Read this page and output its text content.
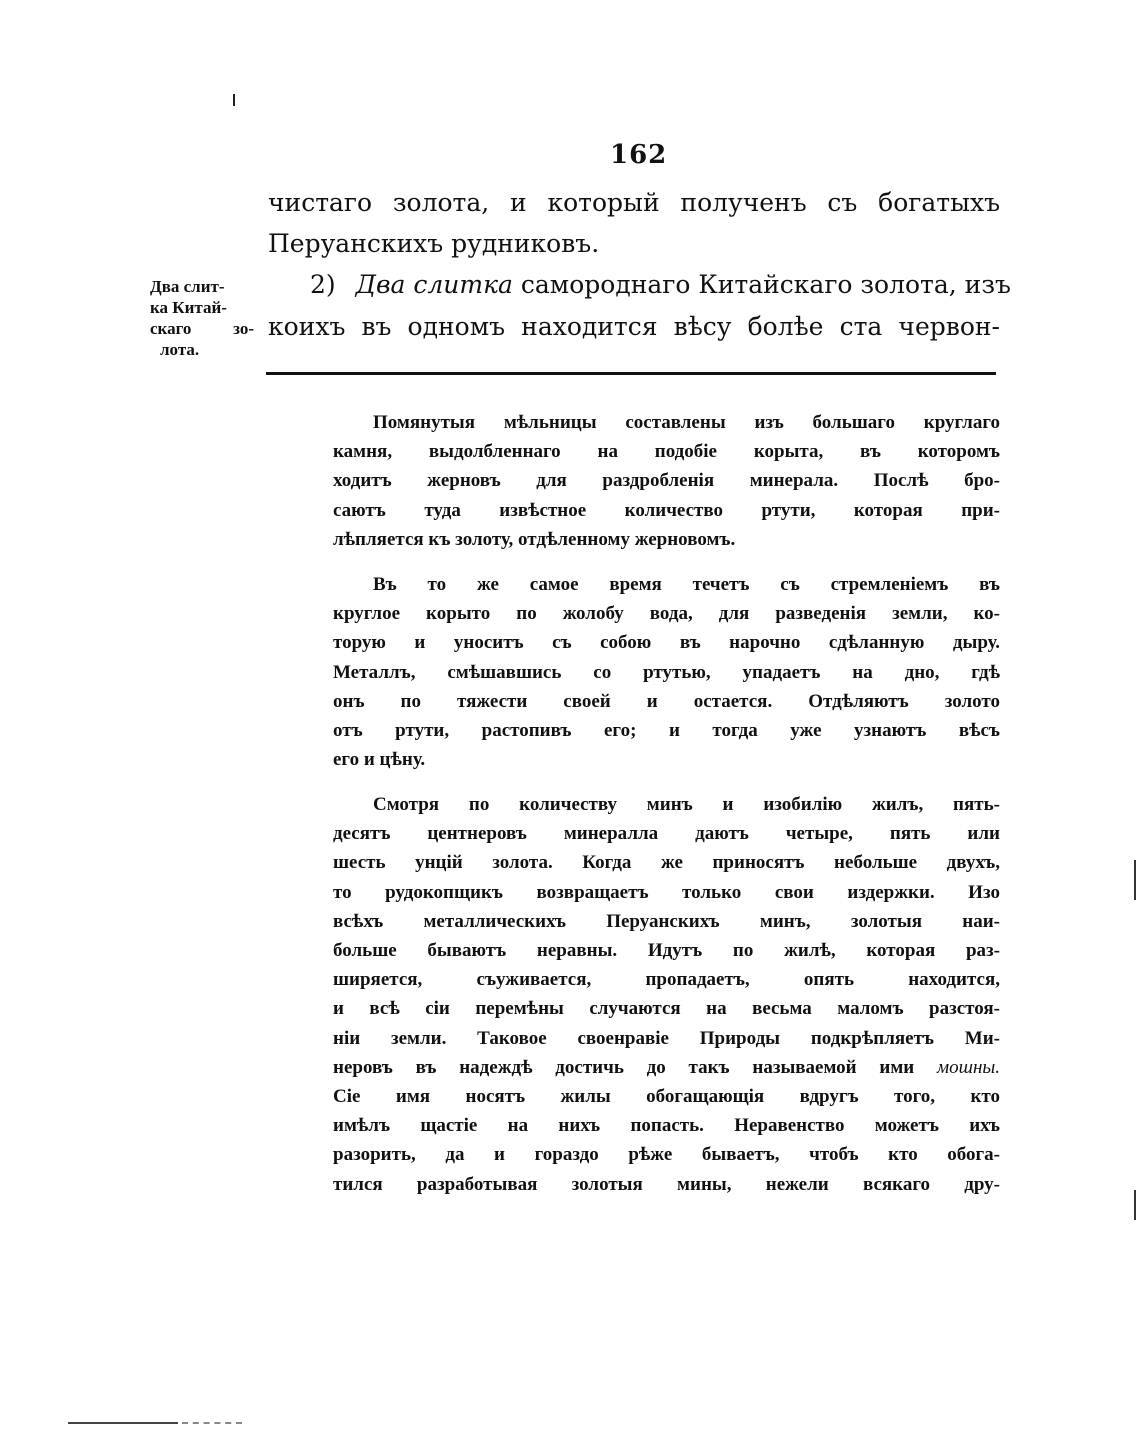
162
чистаго золота, и который полученъ съ богатыхъ
Перуанскихъ рудниковъ.
2) Два слитка самороднаго Китайскаго золота, изъ
коихъ въ одномъ находится вѣсу болѣе ста червон-
Два слит-
ка Китай-
скаго зо-
лота.
Помянутыя мѣльницы составлены изъ большаго круглаго
камня, выдолбленнаго на подобіе корыта, въ которомъ
ходитъ жерновъ для раздробленія минерала. Послѣ бро-
саютъ туда извѣстное количество ртути, которая при-
лѣпляется къ золоту, отдѣленному жерновомъ.
Въ то же самое время течетъ съ стремленіемъ въ
круглое корыто по жолобу вода, для разведенія земли, ко-
торую и уноситъ съ собою въ нарочно сдѣланную дыру.
Металлъ, смѣшавшись со ртутью, упадаетъ на дно, гдѣ
онъ по тяжести своей и остается. Отдѣляютъ золото
отъ ртути, растопивъ его; и тогда уже узнаютъ вѣсъ
его и цѣну.
Смотря по количеству минъ и изобилію жилъ, пять-
десятъ центнеровъ минералла даютъ четыре, пять или
шесть унцій золота. Когда же приносятъ небольше двухъ,
то рудокопщикъ возвращаетъ только свои издержки. Изо
всѣхъ металлическихъ Перуанскихъ минъ, золотыя наи-
больше бываютъ неравны. Идутъ по жилѣ, которая раз-
ширяется, съуживается, пропадаетъ, опять находится,
и всѣ сіи перемѣны случаются на весьма маломъ разстоя-
ніи земли. Таковое своенравіе Природы подкрѣпляетъ Ми-
неровъ въ надеждѣ достичь до такъ называемой ими мошны.
Сіе имя носятъ жилы обогащающія вдругъ того, кто
имѣлъ щастіе на нихъ попасть. Неравенство можетъ ихъ
разорить, да и гораздо рѣже бываетъ, чтобъ кто обога-
тился разработывая золотыя мины, нежели всякаго дру-
